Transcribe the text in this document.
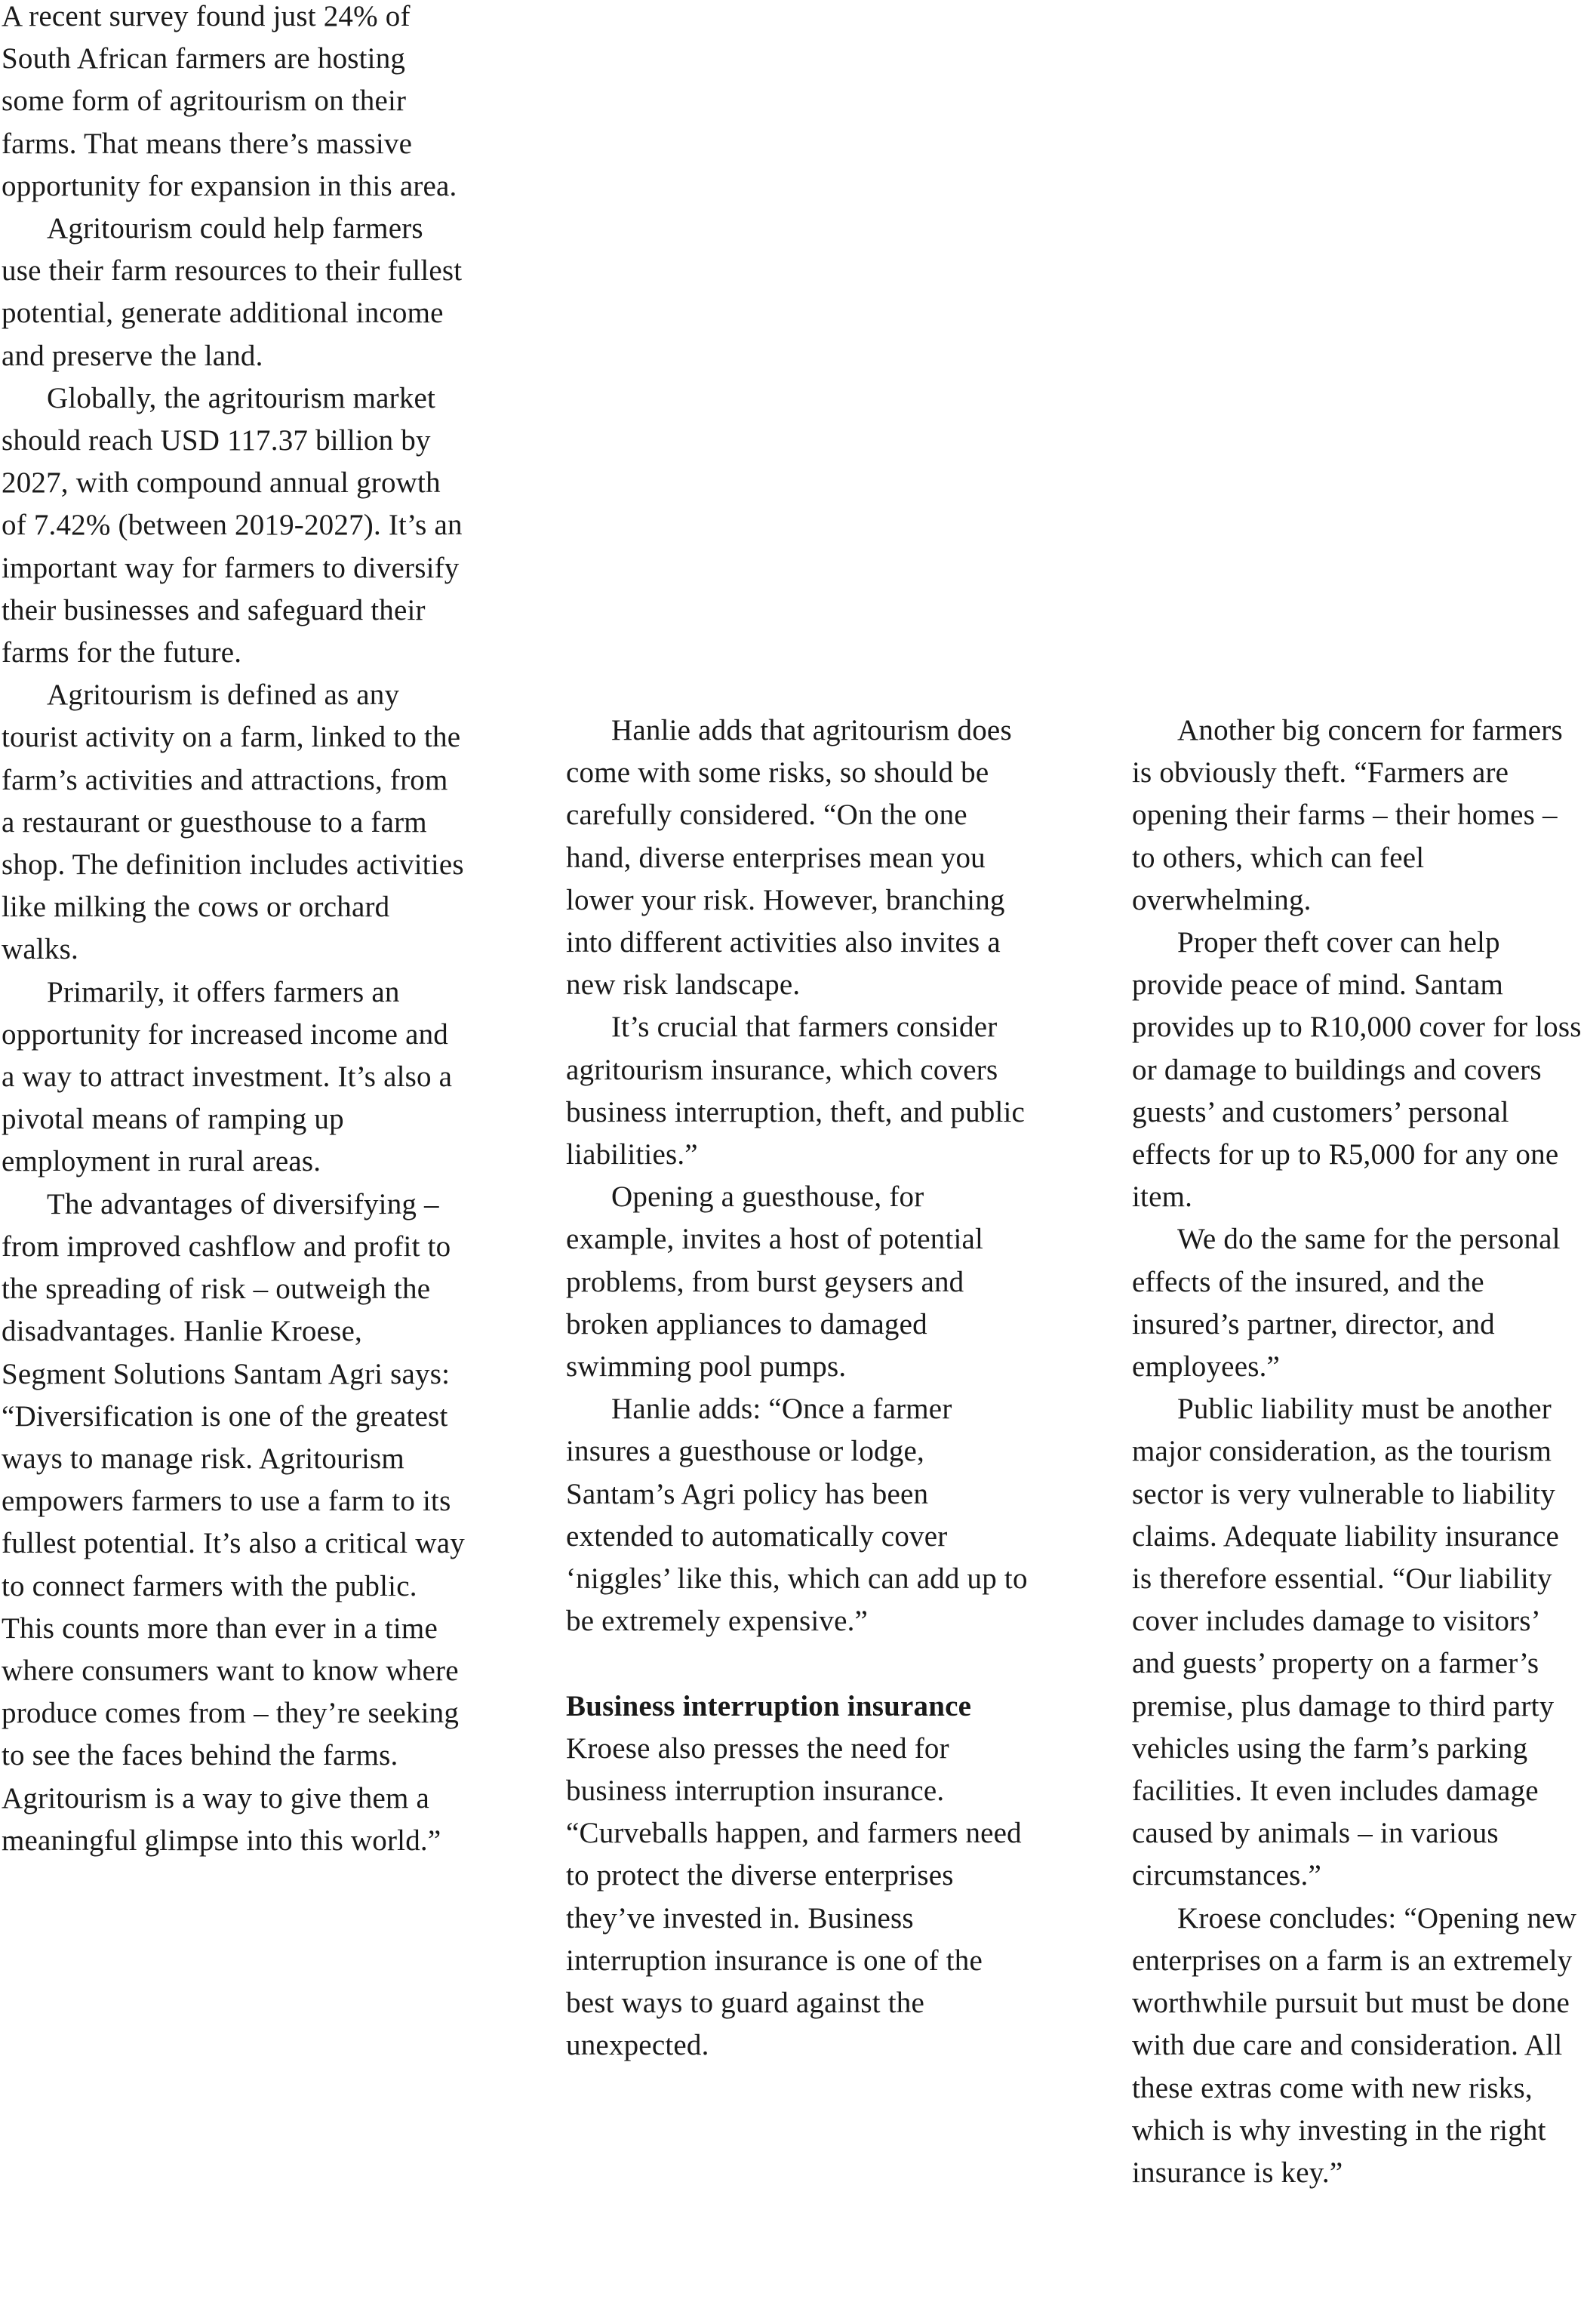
A recent survey found just 24% of South African farmers are hosting some form of agritourism on their farms. That means there’s massive opportunity for expansion in this area.

Agritourism could help farmers use their farm resources to their fullest potential, generate additional income and preserve the land.

Globally, the agritourism market should reach USD 117.37 billion by 2027, with compound annual growth of 7.42% (between 2019-2027). It’s an important way for farmers to diversify their businesses and safeguard their farms for the future.

Agritourism is defined as any tourist activity on a farm, linked to the farm’s activities and attractions, from a restaurant or guesthouse to a farm shop. The definition includes activities like milking the cows or orchard walks.

Primarily, it offers farmers an opportunity for increased income and a way to attract investment. It’s also a pivotal means of ramping up employment in rural areas.

The advantages of diversifying – from improved cashflow and profit to the spreading of risk – outweigh the disadvantages. Hanlie Kroese, Segment Solutions Santam Agri says: “Diversification is one of the greatest ways to manage risk. Agritourism empowers farmers to use a farm to its fullest potential. It’s also a critical way to connect farmers with the public. This counts more than ever in a time where consumers want to know where produce comes from – they’re seeking to see the faces behind the farms. Agritourism is a way to give them a meaningful glimpse into this world.”

Hanlie adds that agritourism does come with some risks, so should be carefully considered. “On the one hand, diverse enterprises mean you lower your risk. However, branching into different activities also invites a new risk landscape.

It’s crucial that farmers consider agritourism insurance, which covers business interruption, theft, and public liabilities.”

Opening a guesthouse, for example, invites a host of potential problems, from burst geysers and broken appliances to damaged swimming pool pumps.

Hanlie adds: “Once a farmer insures a guesthouse or lodge, Santam’s Agri policy has been extended to automatically cover ‘niggles’ like this, which can add up to be extremely expensive.”

Business interruption insurance

Kroese also presses the need for business interruption insurance. “Curveballs happen, and farmers need to protect the diverse enterprises they’ve invested in. Business interruption insurance is one of the best ways to guard against the unexpected.

Another big concern for farmers is obviously theft. “Farmers are opening their farms – their homes – to others, which can feel overwhelming.

Proper theft cover can help provide peace of mind. Santam provides up to R10,000 cover for loss or damage to buildings and covers guests’ and customers’ personal effects for up to R5,000 for any one item.

We do the same for the personal effects of the insured, and the insured’s partner, director, and employees.”

Public liability must be another major consideration, as the tourism sector is very vulnerable to liability claims. Adequate liability insurance is therefore essential. “Our liability cover includes damage to visitors’ and guests’ property on a farmer’s premise, plus damage to third party vehicles using the farm’s parking facilities. It even includes damage caused by animals – in various circumstances.”

Kroese concludes: “Opening new enterprises on a farm is an extremely worthwhile pursuit but must be done with due care and consideration. All these extras come with new risks, which is why investing in the right insurance is key.”
